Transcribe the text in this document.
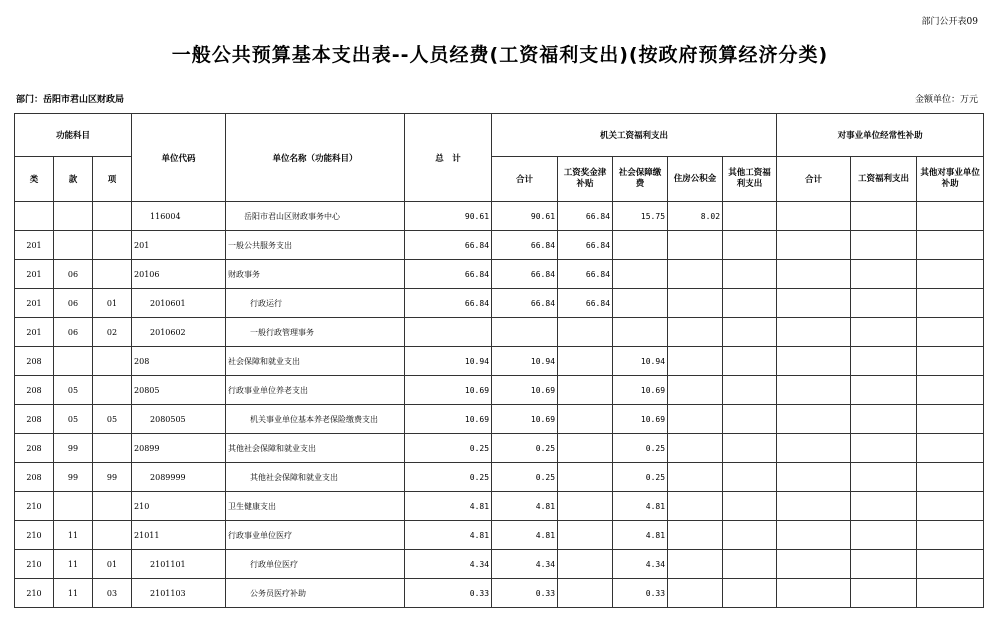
部门公开表09
一般公共预算基本支出表--人员经费(工资福利支出)(按政府预算经济分类)
部门：岳阳市君山区财政局	金额单位：万元
功能科目			单位代码	单位名称（功能科目）	总　计	机关工资福利支出					对事业单位经常性补助		
类	款	项				合计	工资奖金津补贴	社会保障缴费	住房公积金	其他工资福利支出	合计	工资福利支出	其他对事业单位补助
			116004	岳阳市君山区财政事务中心	90.61	90.61	66.84	15.75	8.02				
201			201	一般公共服务支出	66.84	66.84	66.84						
201	06		20106	财政事务	66.84	66.84	66.84						
201	06	01	2010601	行政运行	66.84	66.84	66.84						
201	06	02	2010602	一般行政管理事务									
208			208	社会保障和就业支出	10.94	10.94		10.94					
208	05		20805	行政事业单位养老支出	10.69	10.69		10.69					
208	05	05	2080505	机关事业单位基本养老保险缴费支出	10.69	10.69		10.69					
208	99		20899	其他社会保障和就业支出	0.25	0.25		0.25					
208	99	99	2089999	其他社会保障和就业支出	0.25	0.25		0.25					
210			210	卫生健康支出	4.81	4.81		4.81					
210	11		21011	行政事业单位医疗	4.81	4.81		4.81					
210	11	01	2101101	行政单位医疗	4.34	4.34		4.34					
210	11	03	2101103	公务员医疗补助	0.33	0.33		0.33					
